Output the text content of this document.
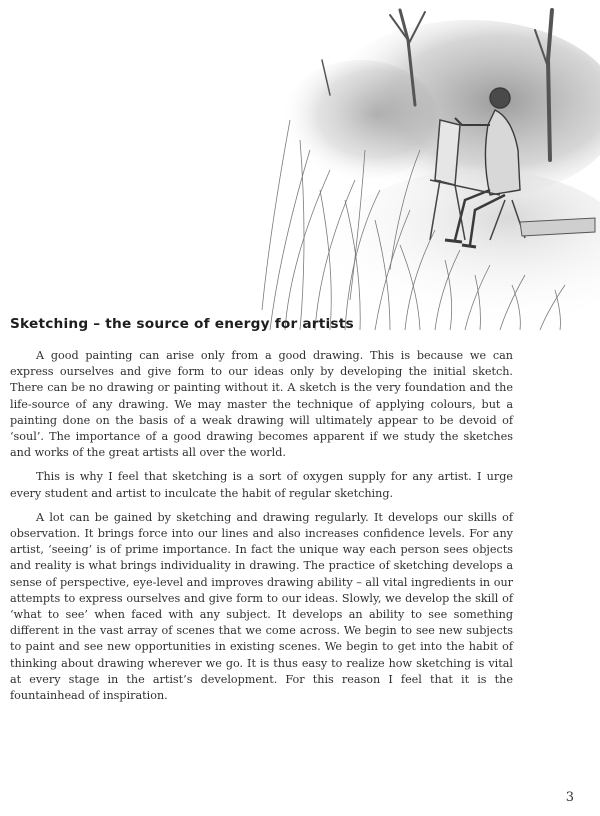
Sketching – the source of energy for artists

A good painting can arise only from a good drawing. This is because we can express ourselves and give form to our ideas only by developing the initial sketch. There can be no drawing or painting without it. A sketch is the very foundation and the life-source of any drawing. We may master the technique of applying colours, but a painting done on the basis of a weak drawing will ultimately appear to be devoid of ‘soul’. The importance of a good drawing becomes apparent if we study the sketches and works of the great artists all over the world.

This is why I feel that sketching is a sort of oxygen supply for any artist. I urge every student and artist to inculcate the habit of regular sketching.

A lot can be gained by sketching and drawing regularly. It develops our skills of observation. It brings force into our lines and also increases confidence levels. For any artist, ‘seeing’ is of prime importance. In fact the unique way each person sees objects and reality is what brings individuality in drawing. The practice of sketching develops a sense of perspective, eye-level and improves drawing ability – all vital ingredients in our attempts to express ourselves and give form to our ideas. Slowly, we develop the skill of ‘what to see’ when faced with any subject. It develops an ability to see something different in the vast array of scenes that we come across. We begin to see new subjects to paint and see new opportunities in existing scenes. We begin to get into the habit of thinking about drawing wherever we go. It is thus easy to realize how sketching is vital at every stage in the artist’s development. For this reason I feel that it is the fountainhead of inspiration.

3
